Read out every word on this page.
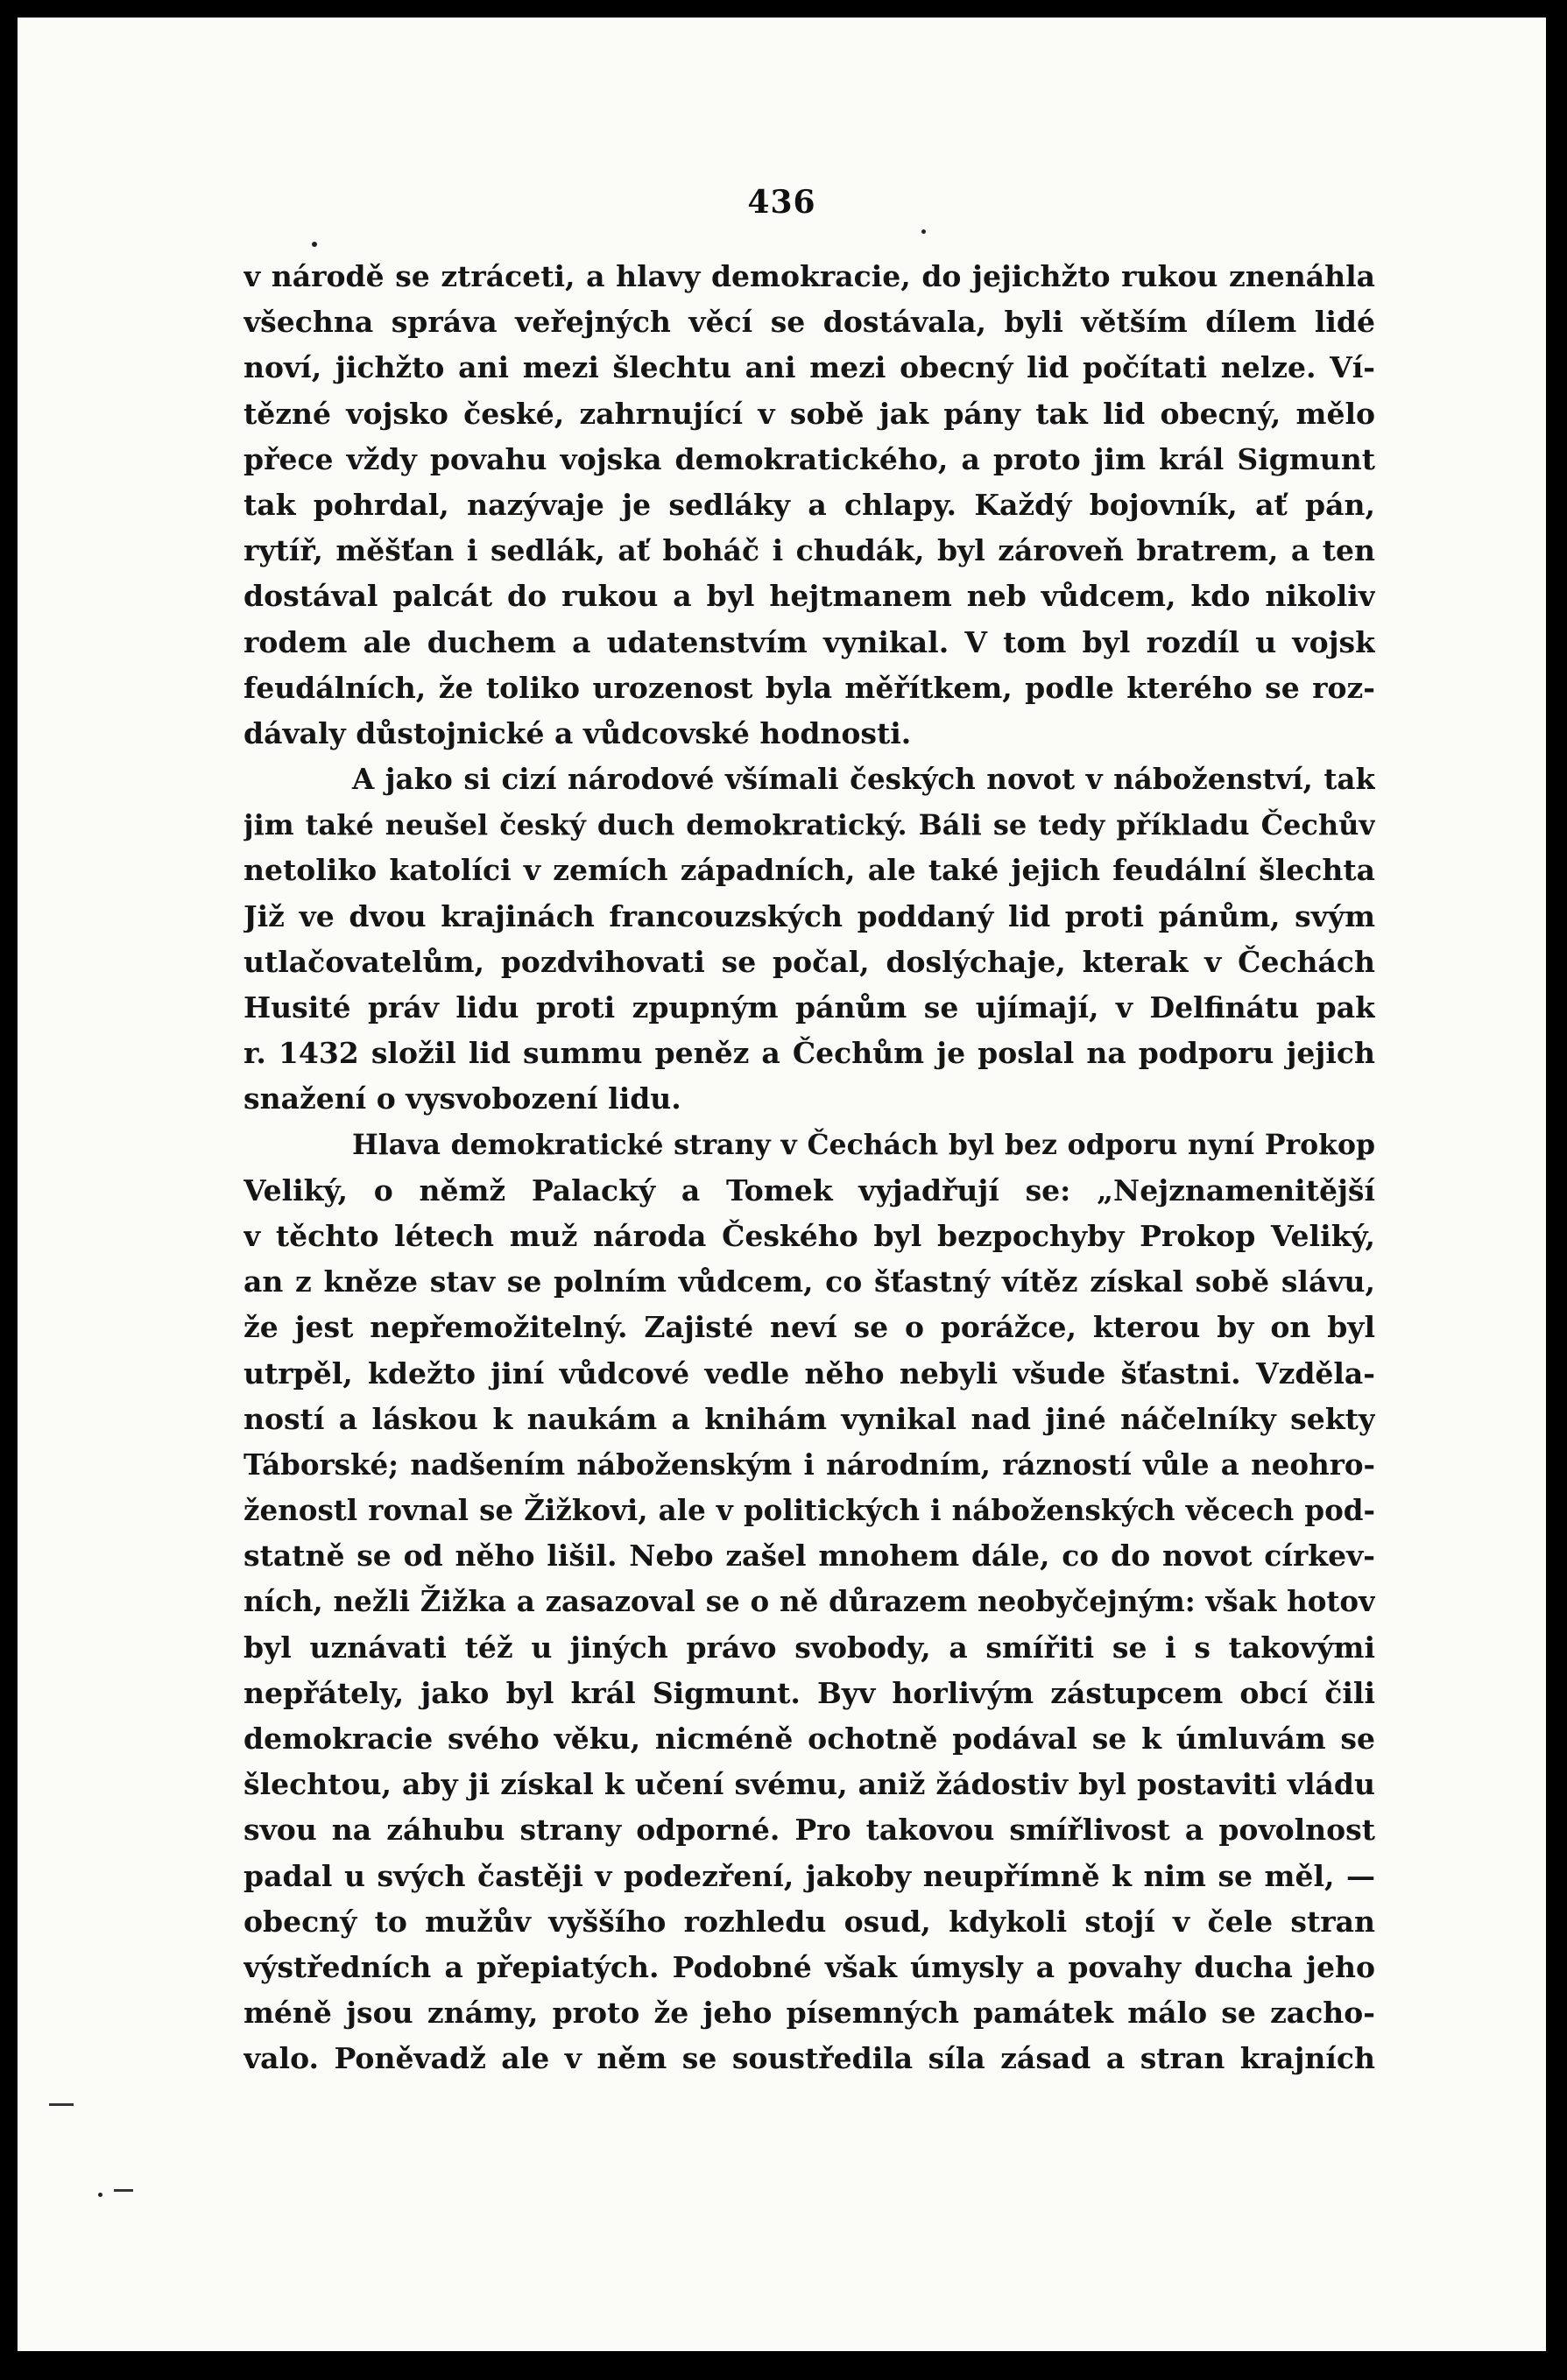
436
v národě se ztráceti, a hlavy demokracie, do jejichžto rukou znenáhla
všechna správa veřejných věcí se dostávala, byli větším dílem lidé
noví, jichžto ani mezi šlechtu ani mezi obecný lid počítati nelze. Ví-
tězné vojsko české, zahrnující v sobě jak pány tak lid obecný, mělo
přece vždy povahu vojska demokratického, a proto jim král Sigmunt
tak pohrdal, nazývaje je sedláky a chlapy. Každý bojovník, ať pán,
rytíř, měšťan i sedlák, ať boháč i chudák, byl zároveň bratrem, a ten
dostával palcát do rukou a byl hejtmanem neb vůdcem, kdo nikoliv
rodem ale duchem a udatenstvím vynikal. V tom byl rozdíl u vojsk
feudálních, že toliko urozenost byla měřítkem, podle kterého se roz-
dávaly důstojnické a vůdcovské hodnosti.
A jako si cizí národové všímali českých novot v náboženství, tak
jim také neušel český duch demokratický. Báli se tedy příkladu Čechův
netoliko katolíci v zemích západních, ale také jejich feudální šlechta
Již ve dvou krajinách francouzských poddaný lid proti pánům, svým
utlačovatelům, pozdvihovati se počal, doslýchaje, kterak v Čechách
Husité práv lidu proti zpupným pánům se ujímají, v Delfinátu pak
r. 1432 složil lid summu peněz a Čechům je poslal na podporu jejich
snažení o vysvobození lidu.
Hlava demokratické strany v Čechách byl bez odporu nyní Prokop
Veliký, o němž Palacký a Tomek vyjadřují se: „Nejznamenitější
v těchto létech muž národa Českého byl bezpochyby Prokop Veliký,
an z kněze stav se polním vůdcem, co šťastný vítěz získal sobě slávu,
že jest nepřemožitelný. Zajisté neví se o porážce, kterou by on byl
utrpěl, kdežto jiní vůdcové vedle něho nebyli všude šťastni. Vzděla-
ností a láskou k naukám a knihám vynikal nad jiné náčelníky sekty
Táborské; nadšením náboženským i národním, rázností vůle a neohro-
ženostl rovnal se Žižkovi, ale v politických i náboženských věcech pod-
statně se od něho lišil. Nebo zašel mnohem dále, co do novot církev-
ních, nežli Žižka a zasazoval se o ně důrazem neobyčejným: však hotov
byl uznávati též u jiných právo svobody, a smířiti se i s takovými
nepřátely, jako byl král Sigmunt. Byv horlivým zástupcem obcí čili
demokracie svého věku, nicméně ochotně podával se k úmluvám se
šlechtou, aby ji získal k učení svému, aniž žádostiv byl postaviti vládu
svou na záhubu strany odporné. Pro takovou smířlivost a povolnost
padal u svých častěji v podezření, jakoby neupřímně k nim se měl, —
obecný to mužův vyššího rozhledu osud, kdykoli stojí v čele stran
výstředních a přepiatých. Podobné však úmysly a povahy ducha jeho
méně jsou známy, proto že jeho písemných památek málo se zacho-
valo. Poněvadž ale v něm se soustředila síla zásad a stran krajních
